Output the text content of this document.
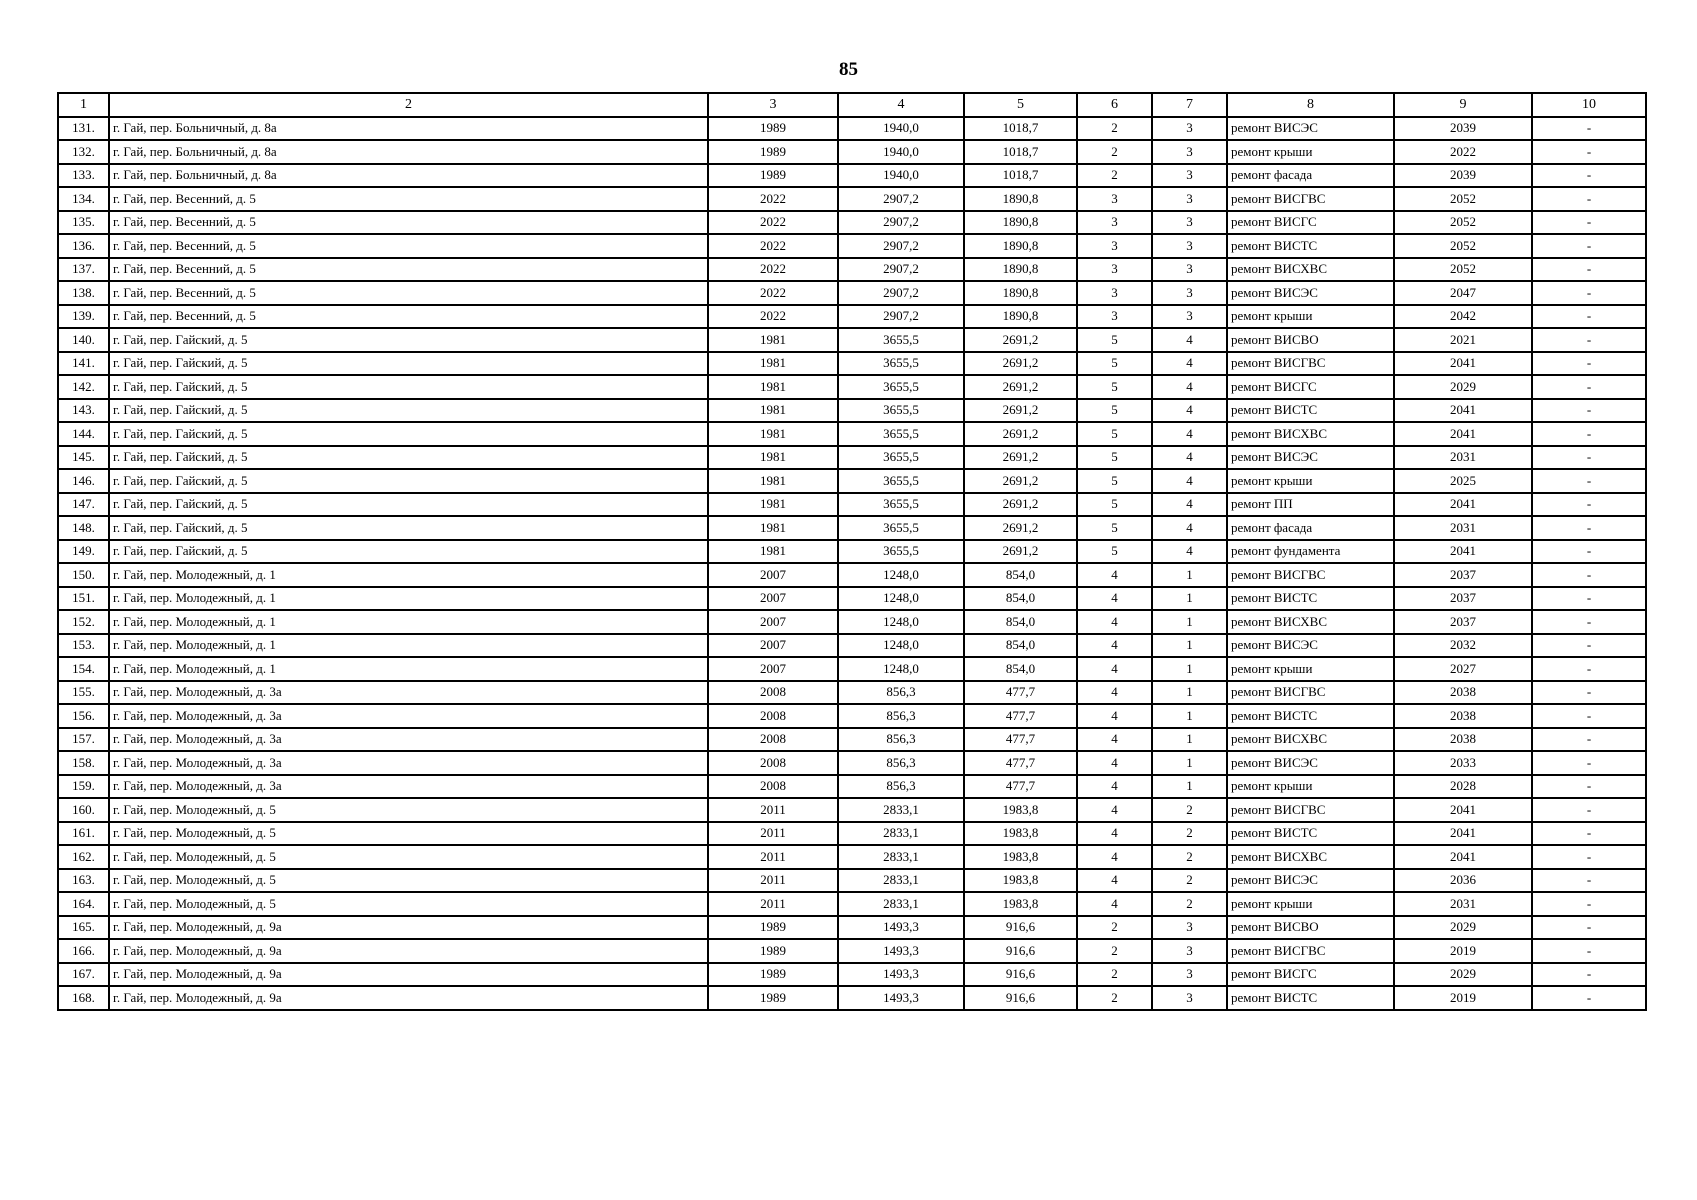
85
1	2	3	4	5	6	7	8	9	10
131.	г. Гай, пер. Больничный, д. 8а	1989	1940,0	1018,7	2	3	ремонт ВИСЭС	2039	-
132.	г. Гай, пер. Больничный, д. 8а	1989	1940,0	1018,7	2	3	ремонт крыши	2022	-
133.	г. Гай, пер. Больничный, д. 8а	1989	1940,0	1018,7	2	3	ремонт фасада	2039	-
134.	г. Гай, пер. Весенний, д. 5	2022	2907,2	1890,8	3	3	ремонт ВИСГВС	2052	-
135.	г. Гай, пер. Весенний, д. 5	2022	2907,2	1890,8	3	3	ремонт ВИСГС	2052	-
136.	г. Гай, пер. Весенний, д. 5	2022	2907,2	1890,8	3	3	ремонт ВИСТС	2052	-
137.	г. Гай, пер. Весенний, д. 5	2022	2907,2	1890,8	3	3	ремонт ВИСХВС	2052	-
138.	г. Гай, пер. Весенний, д. 5	2022	2907,2	1890,8	3	3	ремонт ВИСЭС	2047	-
139.	г. Гай, пер. Весенний, д. 5	2022	2907,2	1890,8	3	3	ремонт крыши	2042	-
140.	г. Гай, пер. Гайский, д. 5	1981	3655,5	2691,2	5	4	ремонт ВИСВО	2021	-
141.	г. Гай, пер. Гайский, д. 5	1981	3655,5	2691,2	5	4	ремонт ВИСГВС	2041	-
142.	г. Гай, пер. Гайский, д. 5	1981	3655,5	2691,2	5	4	ремонт ВИСГС	2029	-
143.	г. Гай, пер. Гайский, д. 5	1981	3655,5	2691,2	5	4	ремонт ВИСТС	2041	-
144.	г. Гай, пер. Гайский, д. 5	1981	3655,5	2691,2	5	4	ремонт ВИСХВС	2041	-
145.	г. Гай, пер. Гайский, д. 5	1981	3655,5	2691,2	5	4	ремонт ВИСЭС	2031	-
146.	г. Гай, пер. Гайский, д. 5	1981	3655,5	2691,2	5	4	ремонт крыши	2025	-
147.	г. Гай, пер. Гайский, д. 5	1981	3655,5	2691,2	5	4	ремонт ПП	2041	-
148.	г. Гай, пер. Гайский, д. 5	1981	3655,5	2691,2	5	4	ремонт фасада	2031	-
149.	г. Гай, пер. Гайский, д. 5	1981	3655,5	2691,2	5	4	ремонт фундамента	2041	-
150.	г. Гай, пер. Молодежный, д. 1	2007	1248,0	854,0	4	1	ремонт ВИСГВС	2037	-
151.	г. Гай, пер. Молодежный, д. 1	2007	1248,0	854,0	4	1	ремонт ВИСТС	2037	-
152.	г. Гай, пер. Молодежный, д. 1	2007	1248,0	854,0	4	1	ремонт ВИСХВС	2037	-
153.	г. Гай, пер. Молодежный, д. 1	2007	1248,0	854,0	4	1	ремонт ВИСЭС	2032	-
154.	г. Гай, пер. Молодежный, д. 1	2007	1248,0	854,0	4	1	ремонт крыши	2027	-
155.	г. Гай, пер. Молодежный, д. 3а	2008	856,3	477,7	4	1	ремонт ВИСГВС	2038	-
156.	г. Гай, пер. Молодежный, д. 3а	2008	856,3	477,7	4	1	ремонт ВИСТС	2038	-
157.	г. Гай, пер. Молодежный, д. 3а	2008	856,3	477,7	4	1	ремонт ВИСХВС	2038	-
158.	г. Гай, пер. Молодежный, д. 3а	2008	856,3	477,7	4	1	ремонт ВИСЭС	2033	-
159.	г. Гай, пер. Молодежный, д. 3а	2008	856,3	477,7	4	1	ремонт крыши	2028	-
160.	г. Гай, пер. Молодежный, д. 5	2011	2833,1	1983,8	4	2	ремонт ВИСГВС	2041	-
161.	г. Гай, пер. Молодежный, д. 5	2011	2833,1	1983,8	4	2	ремонт ВИСТС	2041	-
162.	г. Гай, пер. Молодежный, д. 5	2011	2833,1	1983,8	4	2	ремонт ВИСХВС	2041	-
163.	г. Гай, пер. Молодежный, д. 5	2011	2833,1	1983,8	4	2	ремонт ВИСЭС	2036	-
164.	г. Гай, пер. Молодежный, д. 5	2011	2833,1	1983,8	4	2	ремонт крыши	2031	-
165.	г. Гай, пер. Молодежный, д. 9а	1989	1493,3	916,6	2	3	ремонт ВИСВО	2029	-
166.	г. Гай, пер. Молодежный, д. 9а	1989	1493,3	916,6	2	3	ремонт ВИСГВС	2019	-
167.	г. Гай, пер. Молодежный, д. 9а	1989	1493,3	916,6	2	3	ремонт ВИСГС	2029	-
168.	г. Гай, пер. Молодежный, д. 9а	1989	1493,3	916,6	2	3	ремонт ВИСТС	2019	-
